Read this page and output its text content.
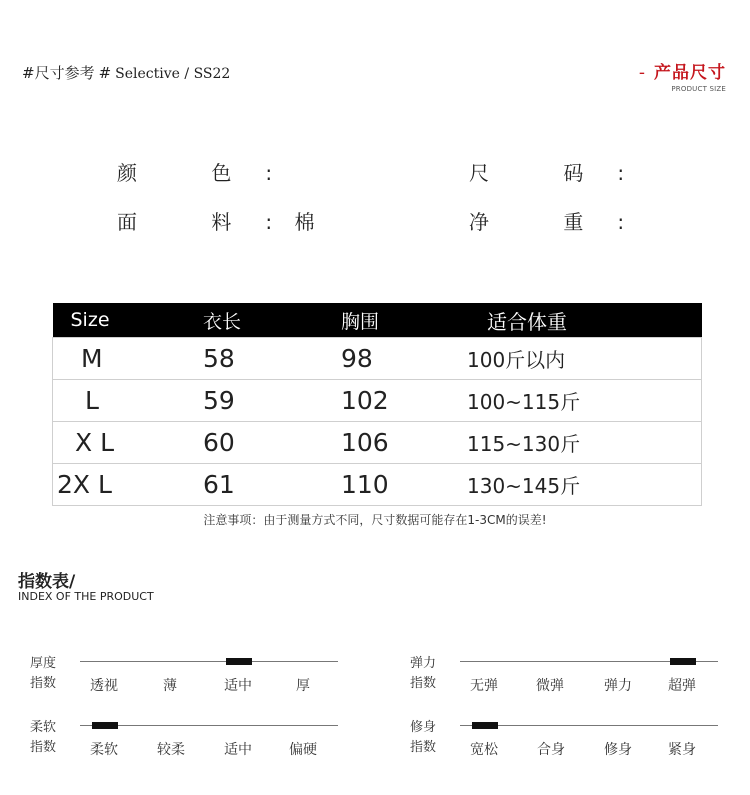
#尺寸参考 # Selective / SS22	- 产品尺寸
PRODUCT SIZE
颜 色:	尺 码:
面 料: 棉	净 重:
Size	衣长	胸围	适合体重
M	58	98	100斤以内
L	59	102	100~115斤
X L	60	106	115~130斤
2X L	61	110	130~145斤
注意事项：由于测量方式不同，尺寸数据可能存在1-3CM的误差!
指数表/
INDEX OF THE PRODUCT
厚度
指数 透视	薄	适中	厚
弹力
指数 无弹	微弹	弹力	超弹
柔软
指数 柔软	较柔	适中	偏硬
修身
指数 宽松	合身	修身	紧身
